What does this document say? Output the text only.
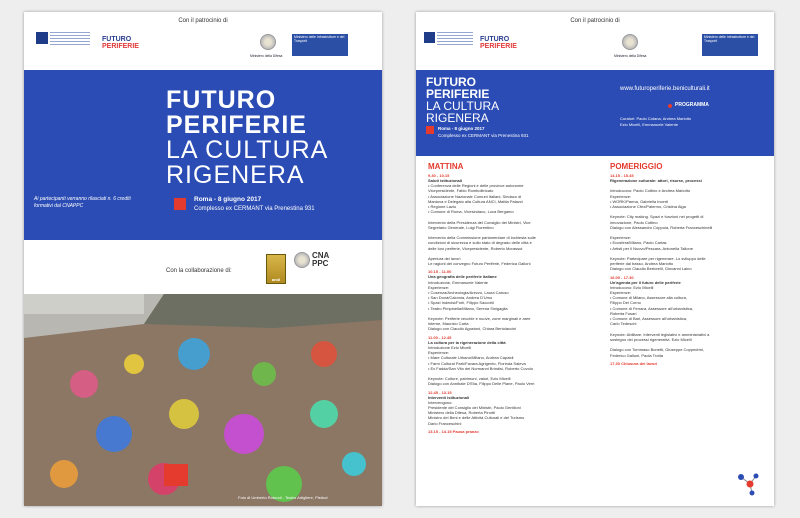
Con il patrocinio di
FUTURO
PERIFERIE
Ministero della Difesa
Ministero delle Infrastrutture e dei Trasporti
FUTURO
PERIFERIE
LA CULTURA
RIGENERA
Ai partecipanti verranno rilasciati n. 6 crediti formativi dal CNAPPC
Roma - 8 giugno 2017
Complesso ex CERMANT via Prenestina 931
Con la collaborazione di:
andi
CNA PPC
Foto di Umberto Rotundi - Teatro Artigliere, Pisticci
Con il patrocinio di
FUTURO
PERIFERIE
Ministero della Difesa
Ministero delle Infrastrutture e dei Trasporti
FUTURO
PERIFERIE
LA CULTURA
RIGENERA
Roma - 8 giugno 2017
Complesso ex CERMANT via Prenestina 931
www.futuroperiferie.beniculturali.it
PROGRAMMA
Curatori: Paolo Cotana, Andrea Mariotto
Ezio Micelli, Emmanuele Valente
MATTINA	POMERIGGIO
9.30 - 10.15
Saluti istituzionali
• Conferenza delle Regioni e delle province autonome
Vicepresidente, Fabio Rombolitricato
• Associazione Nazionale Comuni Italiani, Sindaco di
Mantova e Delegato alla Cultura ANCI, Mattia Palazzi
• Regione Lazio
• Comune di Roma, Vicesindaco, Luca Bergamo

Intervento della Presidenza del Consiglio dei Ministri, Vice
Segretario Generale, Luigi Fiorentino

Intervento della Commissione parlamentare di inchiesta sulle
condizioni di sicurezza e sullo stato di degrado delle città e
delle loro periferie, Vicepresidente, Roberto Morassut

Apertura dei lavori
Le ragioni del convegno Futuro Periferie, Federica Galloni
10.15 - 11.00
Una geografia delle periferie italiane
Introduzione, Emmanuele Valente
Esperienze:
• Cosenza/Archeologia/Arezzo, Laura Caruso
• San Donà/Calomia, Andrea D'Urso
• Spazi Indecisi/Forlì, Filippo Saccotti
• Teatro Pimpinella/Milano, Serena Sinigaglia

Keynote: Periferie vecchie e nuove, zone marginali e aree
interne, Maurizio Carta
Dialogo con Claudio Agostoni, Chiara Bertolaccini
11.00 - 12.45
La cultura per la rigenerazione della città
Introduzione Ezio Micelli
Esperienze:
• Mare Culturale Urbano/Milano, Andrea Capaldi
• Farm Cultural Park/Favara Agrigento, Florinda Saieva
• Ex Fadda/San Vito dei Normanni Brindisi, Roberto Covolo

Keynote: Culture, patrimoni, valori, Ezio Micelli
Dialogo con Annibale D'Elia, Filippo Delle Piane, Paolo Verri
12.45 - 13.15
Interventi istituzionali
Intervengono:
Presidente del Consiglio dei Ministri, Paolo Gentiloni
Ministero della Difesa, Roberta Pinotti
Ministro dei Beni e delle Attività Culturali e del Turismo
Dario Franceschini
13.15 - 14.15 Pausa pranzo
14.15 - 15.45
Rigenerazione culturale: attori, risorse, processi

Introducono: Paolo Cottino e Andrea Mariotto
Esperienze:
• WORK/Parma, Gabriella Incerti
• Associazione Cfex/Palermo, Cristina Alga

Keynote: City making. Spazi e funzioni nei progetti di
innovazione, Paolo Cottino
Dialogo con Alessandro Coppola, Roberta Franceschinelli

Esperienze:
• Ecosfera/Milano, Paolo Cartas
• Artisti per il Nuovo/Pescara, Antonella Tallone

Keynote: Partecipare per rigenerare. Lo sviluppo delle
periferie dal basso, Andrea Mariotto
Dialogo con Claudio Bertorelli, Giovanni Laino
16.00 - 17.30
Un'agenda per il futuro delle periferie
Introducono: Ezio Micelli
Esperienze:
• Comune di Milano, Assessore alla cultura,
Filippo Del Corno
• Comune di Ferrara, Assessore all'urbanistica,
Roberta Fusari
• Comune di Bari, Assessore all'urbanistica,
Carlo Tedeschi

Keynote: Abilitare. Interventi legislativi e amministrativi a
sostegno dei processi rigenerativi, Ezio Micelli

Dialogo con Tommaso Bonetti, Giuseppe Coppedrini,
Federico Galloni, Paola Trotta
17.30 Chiusura dei lavori
